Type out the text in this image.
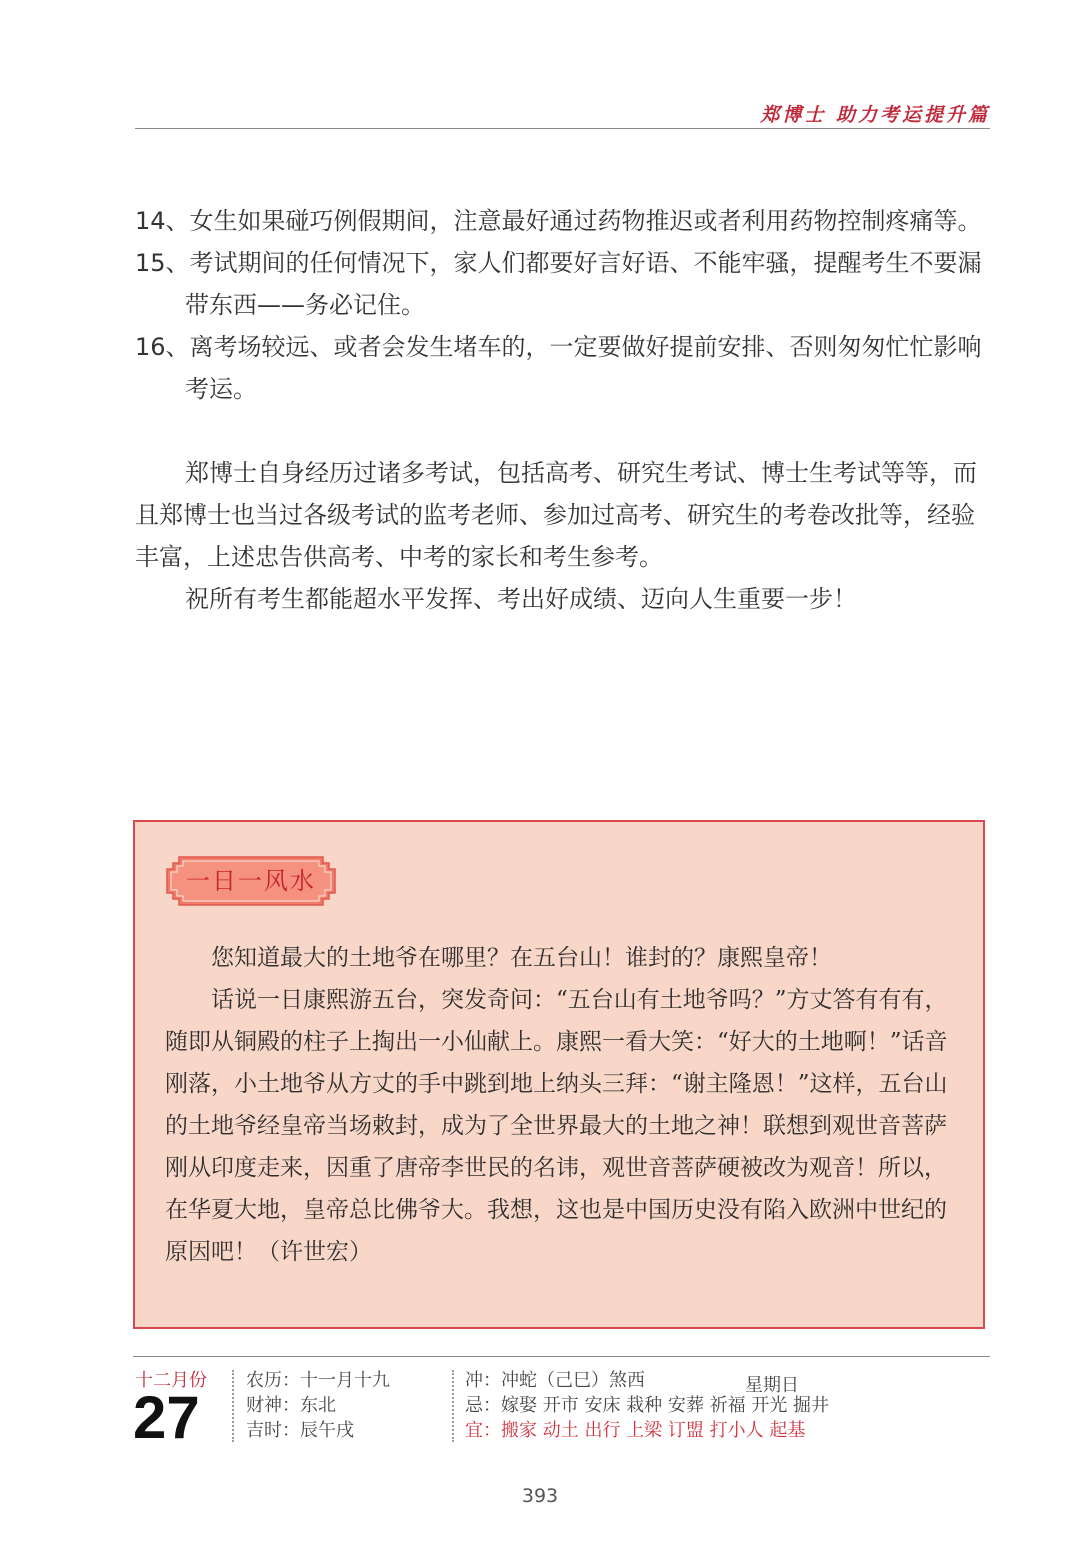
郑博士 助力考运提升篇

14、女生如果碰巧例假期间，注意最好通过药物推迟或者利用药物控制疼痛等。

15、考试期间的任何情况下，家人们都要好言好语、不能牢骚，提醒考生不要漏带东西——务必记住。

16、离考场较远、或者会发生堵车的，一定要做好提前安排、否则匆匆忙忙影响考运。

郑博士自身经历过诸多考试，包括高考、研究生考试、博士生考试等等，而且郑博士也当过各级考试的监考老师、参加过高考、研究生的考卷改批等，经验丰富，上述忠告供高考、中考的家长和考生参考。

祝所有考生都能超水平发挥、考出好成绩、迈向人生重要一步！

一日一风水

您知道最大的土地爷在哪里？在五台山！谁封的？康熙皇帝！

话说一日康熙游五台，突发奇问：“五台山有土地爷吗？”方丈答有有有，随即从铜殿的柱子上掏出一小仙献上。康熙一看大笑：“好大的土地啊！”话音刚落，小土地爷从方丈的手中跳到地上纳头三拜：“谢主隆恩！”这样，五台山的土地爷经皇帝当场敕封，成为了全世界最大的土地之神！联想到观世音菩萨刚从印度走来，因重了唐帝李世民的名讳，观世音菩萨硬被改为观音！所以，在华夏大地，皇帝总比佛爷大。我想，这也是中国历史没有陷入欧洲中世纪的原因吧！（许世宏）

十二月份
27
农历：十一月十九
财神：东北
吉时：辰午戌
冲：冲蛇（己巳）煞西
忌：嫁娶 开市 安床 栽种 安葬 祈福 开光 掘井
宜：搬家 动土 出行 上梁 订盟 打小人 起基
星期日
393
